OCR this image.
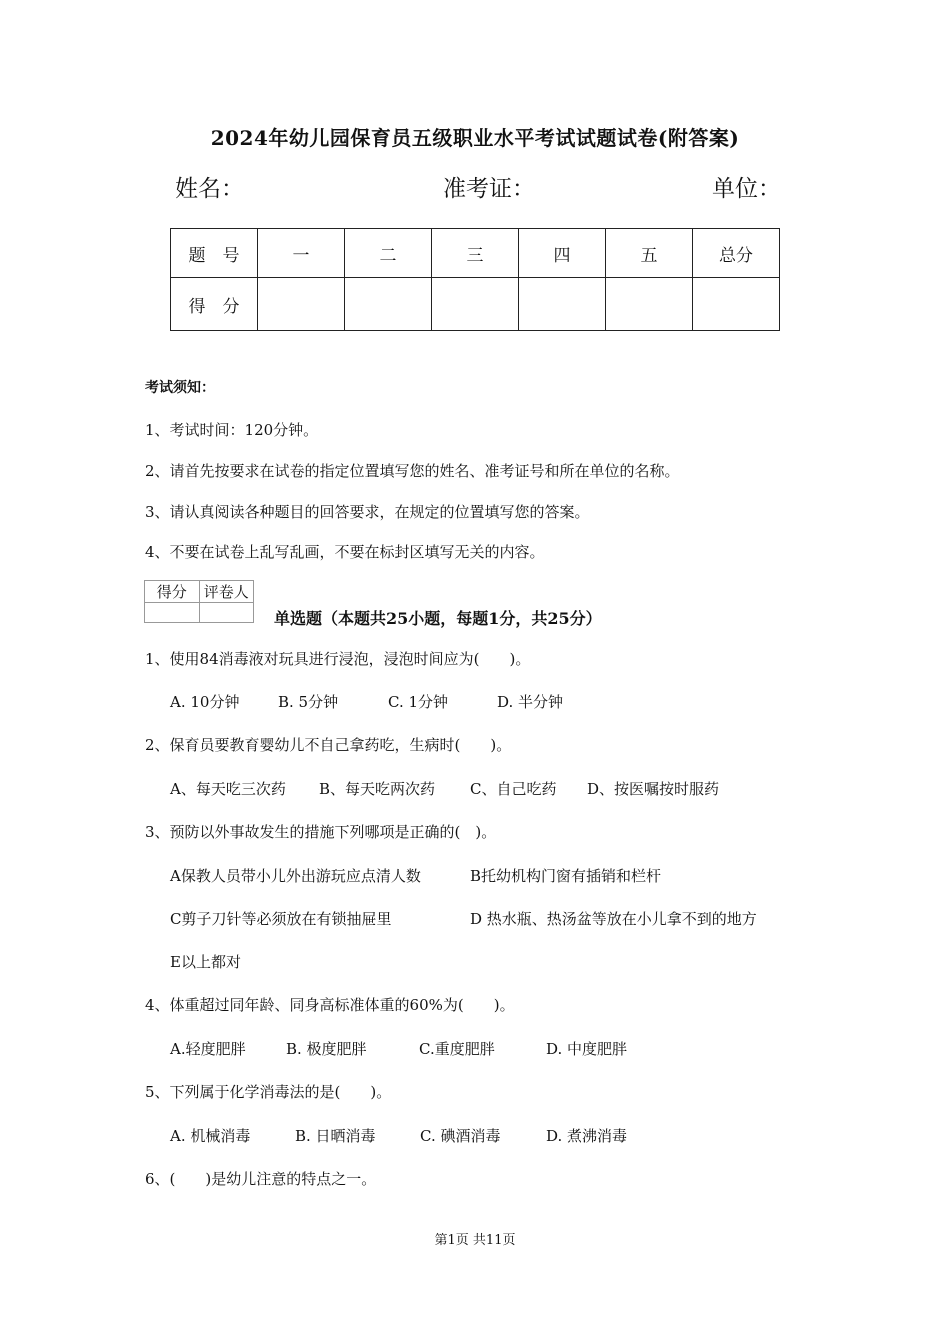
2024年幼儿园保育员五级职业水平考试试题试卷(附答案)
姓名：	准考证：	单位：
题　号	一	二	三	四	五	总分
得　分						
考试须知：
1、考试时间：120分钟。
2、请首先按要求在试卷的指定位置填写您的姓名、准考证号和所在单位的名称。
3、请认真阅读各种题目的回答要求，在规定的位置填写您的答案。
4、不要在试卷上乱写乱画，不要在标封区填写无关的内容。
得分	评卷人

单选题（本题共25小题，每题1分，共25分）
1、使用84消毒液对玩具进行浸泡，浸泡时间应为(　　)。
A. 10分钟	B. 5分钟	C. 1分钟	D. 半分钟
2、保育员要教育婴幼儿不自己拿药吃，生病时(　　)。
A、每天吃三次药 B、每天吃两次药 C、自己吃药 D、按医嘱按时服药
3、预防以外事故发生的措施下列哪项是正确的(　)。
A保教人员带小儿外出游玩应点清人数	B托幼机构门窗有插销和栏杆
C剪子刀针等必须放在有锁抽屉里	D 热水瓶、热汤盆等放在小儿拿不到的地方
E以上都对
4、体重超过同年龄、同身高标准体重的60%为(　　)。
A.轻度肥胖	B. 极度肥胖	C.重度肥胖	D. 中度肥胖
5、下列属于化学消毒法的是(　　)。
A. 机械消毒	B. 日晒消毒	C. 碘酒消毒	D. 煮沸消毒
6、(　　)是幼儿注意的特点之一。
第1页 共11页
